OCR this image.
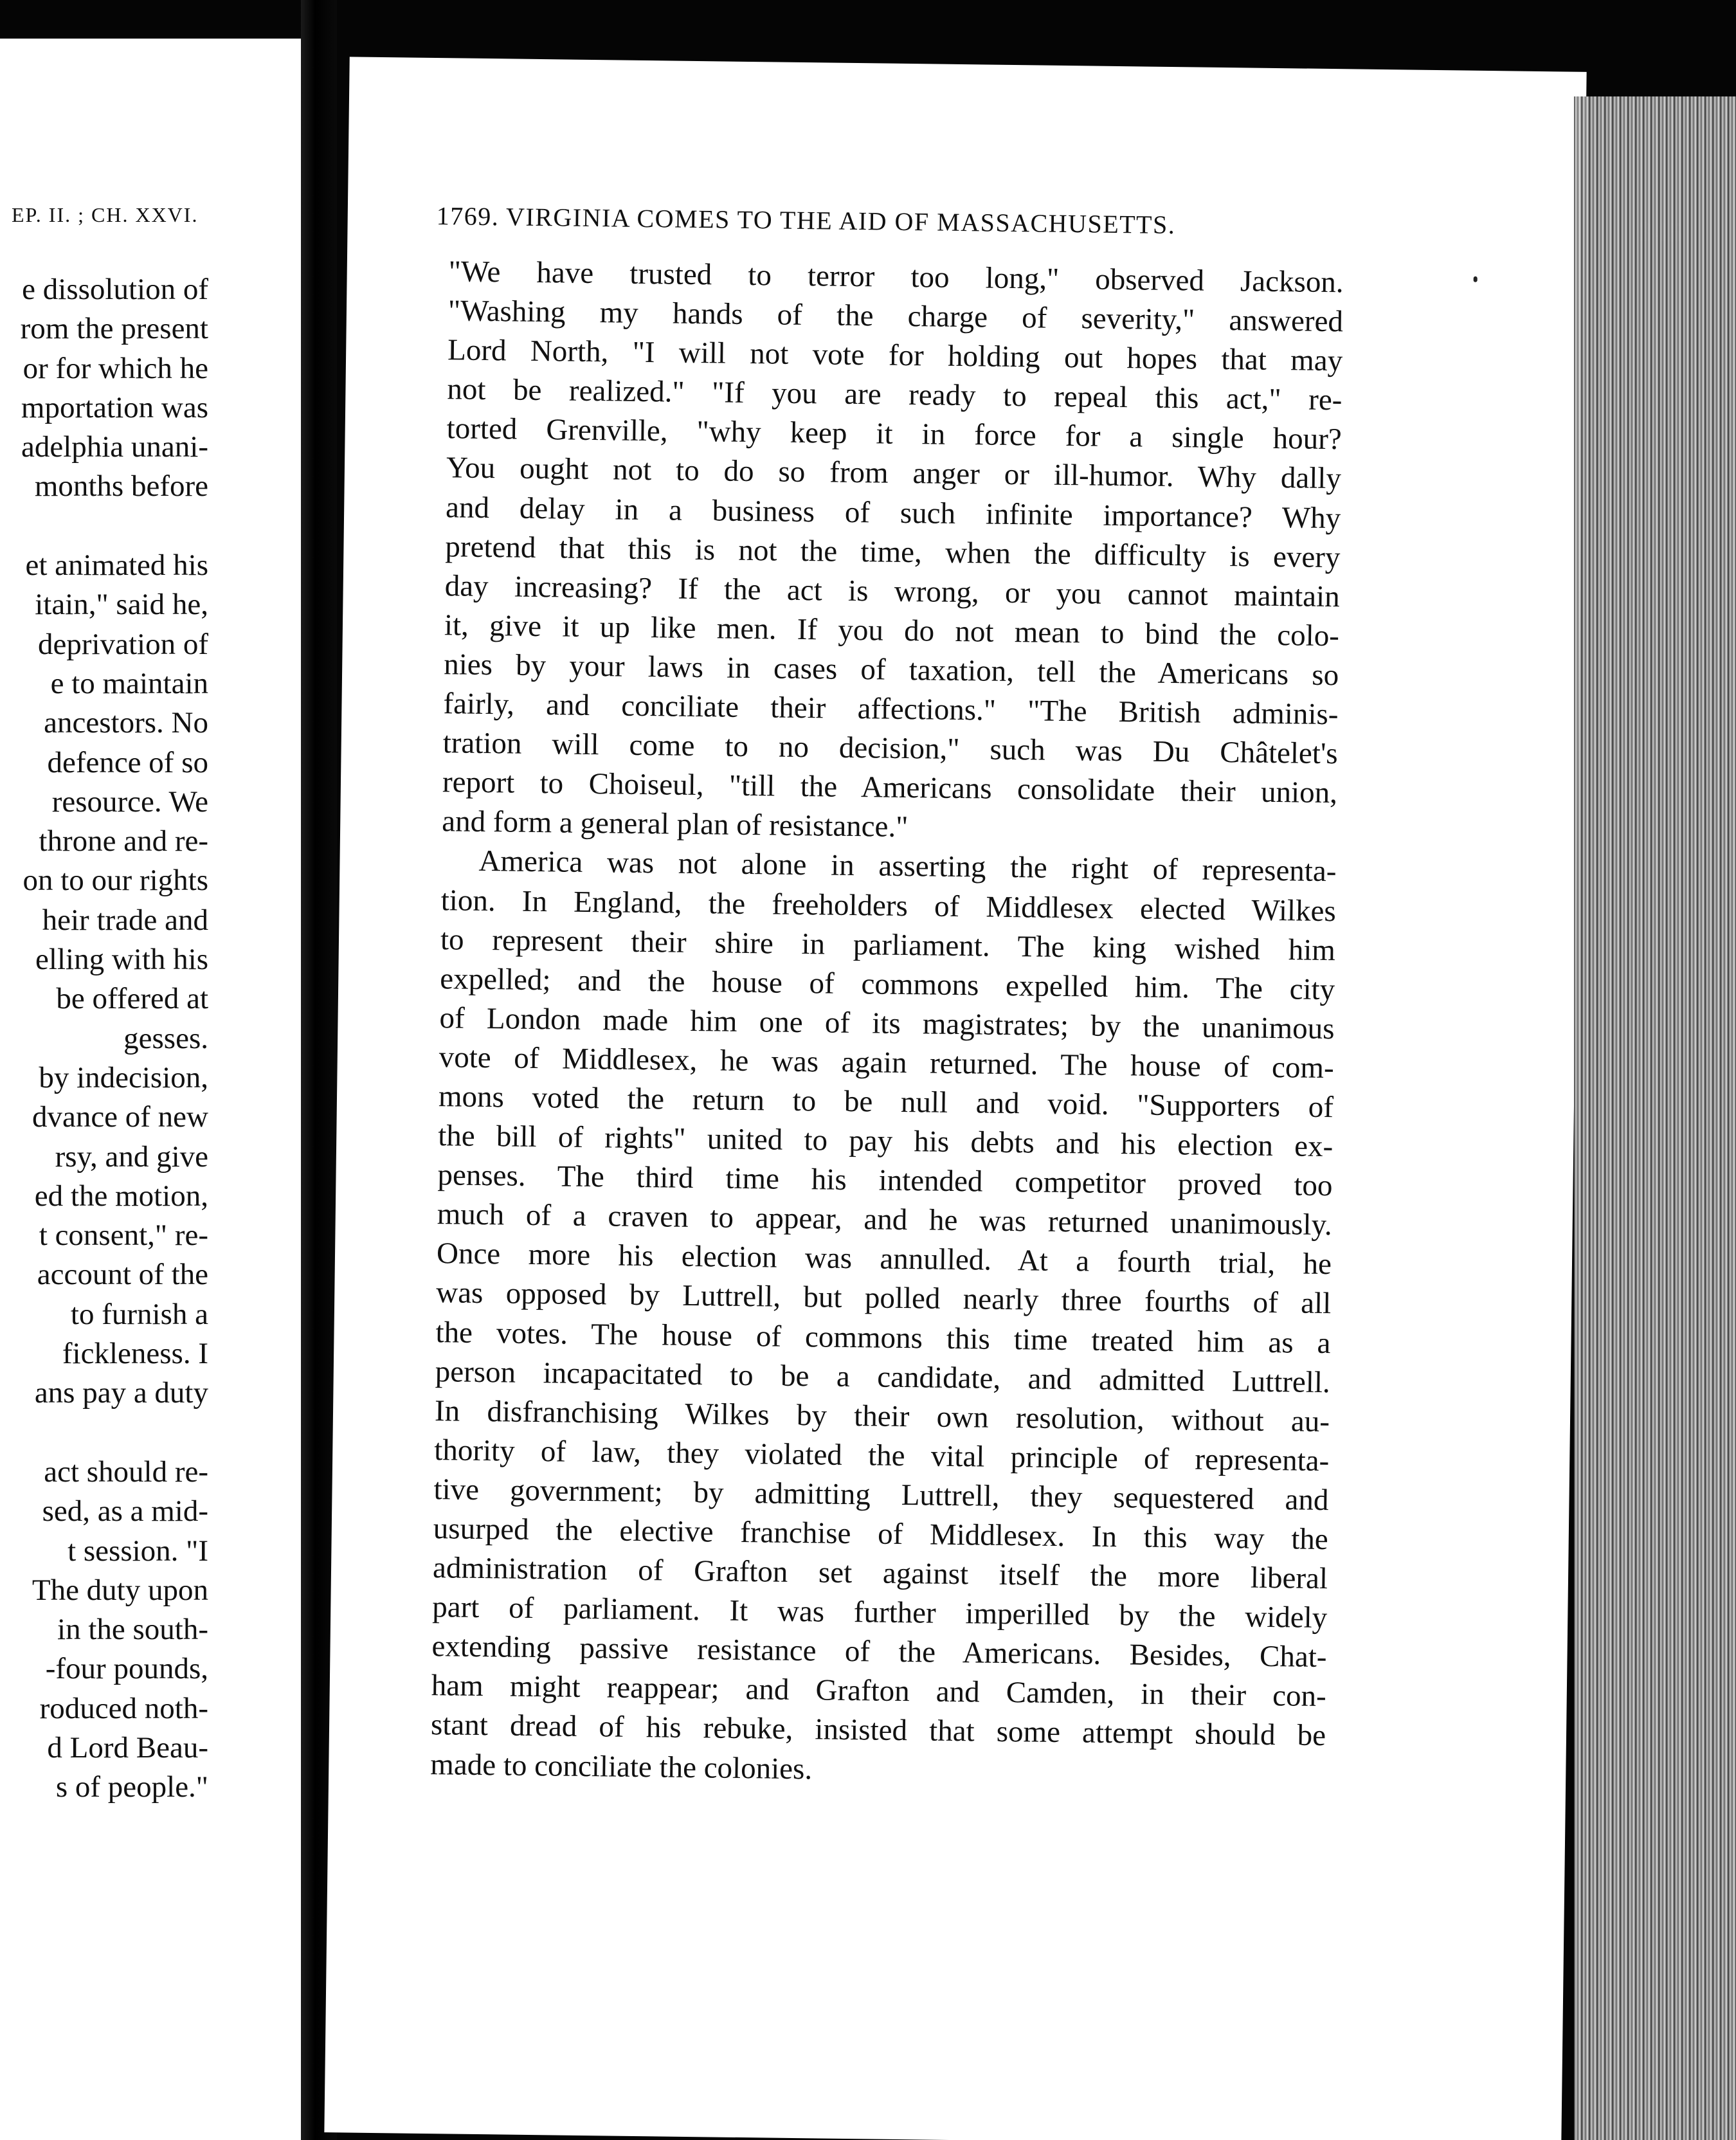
EP. II. ; CH. XXVI.
e dissolution of
rom the present
or for which he
mportation was
adelphia unani-
months before
et animated his
itain," said he,
deprivation of
e to maintain
ancestors. No
defence of so
resource. We
throne and re-
on to our rights
heir trade and
elling with his
be offered at
gesses.
by indecision,
dvance of new
rsy, and give
ed the motion,
t consent," re-
account of the
to furnish a
fickleness. I
ans pay a duty
act should re-
sed, as a mid-
t session. "I
The duty upon
in the south-
-four pounds,
roduced noth-
d Lord Beau-
s of people."
1769. VIRGINIA COMES TO THE AID OF MASSACHUSETTS.
"We have trusted to terror too long," observed Jackson.
"Washing my hands of the charge of severity," answered
Lord North, "I will not vote for holding out hopes that may
not be realized." "If you are ready to repeal this act," re-
torted Grenville, "why keep it in force for a single hour?
You ought not to do so from anger or ill-humor. Why dally
and delay in a business of such infinite importance? Why
pretend that this is not the time, when the difficulty is every
day increasing? If the act is wrong, or you cannot maintain
it, give it up like men. If you do not mean to bind the colo-
nies by your laws in cases of taxation, tell the Americans so
fairly, and conciliate their affections." "The British adminis-
tration will come to no decision," such was Du Châtelet's
report to Choiseul, "till the Americans consolidate their union,
and form a general plan of resistance."
America was not alone in asserting the right of representa-
tion. In England, the freeholders of Middlesex elected Wilkes
to represent their shire in parliament. The king wished him
expelled; and the house of commons expelled him. The city
of London made him one of its magistrates; by the unanimous
vote of Middlesex, he was again returned. The house of com-
mons voted the return to be null and void. "Supporters of
the bill of rights" united to pay his debts and his election ex-
penses. The third time his intended competitor proved too
much of a craven to appear, and he was returned unanimously.
Once more his election was annulled. At a fourth trial, he
was opposed by Luttrell, but polled nearly three fourths of all
the votes. The house of commons this time treated him as a
person incapacitated to be a candidate, and admitted Luttrell.
In disfranchising Wilkes by their own resolution, without au-
thority of law, they violated the vital principle of representa-
tive government; by admitting Luttrell, they sequestered and
usurped the elective franchise of Middlesex. In this way the
administration of Grafton set against itself the more liberal
part of parliament. It was further imperilled by the widely
extending passive resistance of the Americans. Besides, Chat-
ham might reappear; and Grafton and Camden, in their con-
stant dread of his rebuke, insisted that some attempt should be
made to conciliate the colonies.
